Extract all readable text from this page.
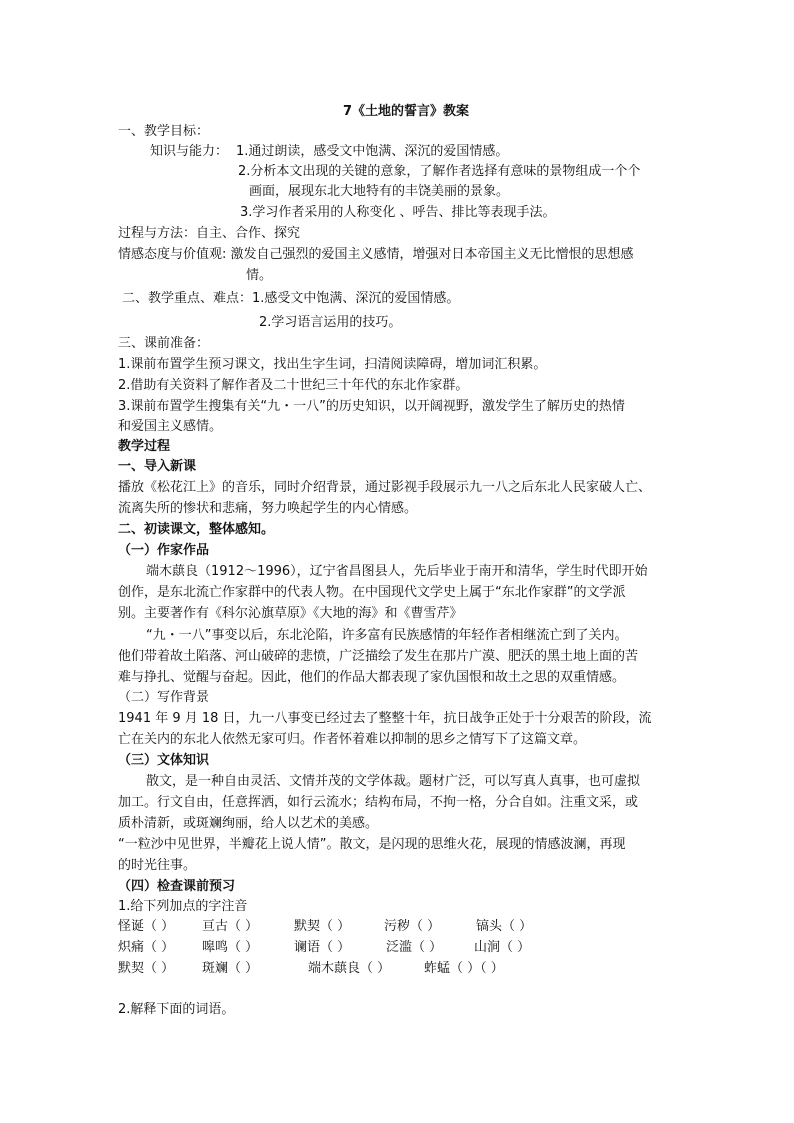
7《土地的誓言》教案
一、教学目标：
知识与能力： 1.通过朗读，感受文中饱满、深沉的爱国情感。
2.分析本文出现的关键的意象，了解作者选择有意味的景物组成一个个
画面，展现东北大地特有的丰饶美丽的景象。
3.学习作者采用的人称变化 、呼告、排比等表现手法。
过程与方法：自主、合作、探究
情感态度与价值观: 激发自己强烈的爱国主义感情，增强对日本帝国主义无比憎恨的思想感
情。
二、教学重点、难点：1.感受文中饱满、深沉的爱国情感。
2.学习语言运用的技巧。
三、课前准备：
1.课前布置学生预习课文，找出生字生词，扫清阅读障碍，增加词汇积累。
2.借助有关资料了解作者及二十世纪三十年代的东北作家群。
3.课前布置学生搜集有关“九・一八”的历史知识，以开阔视野，激发学生了解历史的热情
和爱国主义感情。
教学过程
一、导入新课
播放《松花江上》的音乐，同时介绍背景，通过影视手段展示九一八之后东北人民家破人亡、
流离失所的惨状和悲痛，努力唤起学生的内心情感。
二、初读课文，整体感知。
（一）作家作品
端木蕻良（1912～1996），辽宁省昌图县人，先后毕业于南开和清华，学生时代即开始
创作，是东北流亡作家群中的代表人物。在中国现代文学史上属于“东北作家群”的文学派
别。主要著作有《科尔沁旗草原》《大地的海》和《曹雪芹》
“九・一八”事变以后，东北沦陷，许多富有民族感情的年轻作者相继流亡到了关内。
他们带着故土陷落、河山破碎的悲愤，广泛描绘了发生在那片广漠、肥沃的黑土地上面的苦
难与挣扎、觉醒与奋起。因此，他们的作品大都表现了家仇国恨和故土之思的双重情感。
（二）写作背景
1941 年 9 月 18 日，九一八事变已经过去了整整十年，抗日战争正处于十分艰苦的阶段，流
亡在关内的东北人依然无家可归。作者怀着难以抑制的思乡之情写下了这篇文章。
（三）文体知识
散文，是一种自由灵活、文情并茂的文学体裁。题材广泛，可以写真人真事，也可虚拟
加工。行文自由，任意挥洒，如行云流水；结构布局，不拘一格，分合自如。注重文采，或
质朴清新，或斑斓绚丽，给人以艺术的美感。
“一粒沙中见世界，半瓣花上说人情”。散文，是闪现的思维火花，展现的情感波澜，再现
的时光往事。
（四）检查课前预习
1.给下列加点的字注音
怪诞（ ） 亘古（ ）	默契（ ）	污秽（ ）	镐头（ ）
炽痛（ ） 嗥鸣（ ）	谰语（ ）	泛滥（ ） 山涧（ ）
默契（ ） 斑斓（ ）	端木蕻良（ ）	蚱蜢（ ）（ ）
2.解释下面的词语。
